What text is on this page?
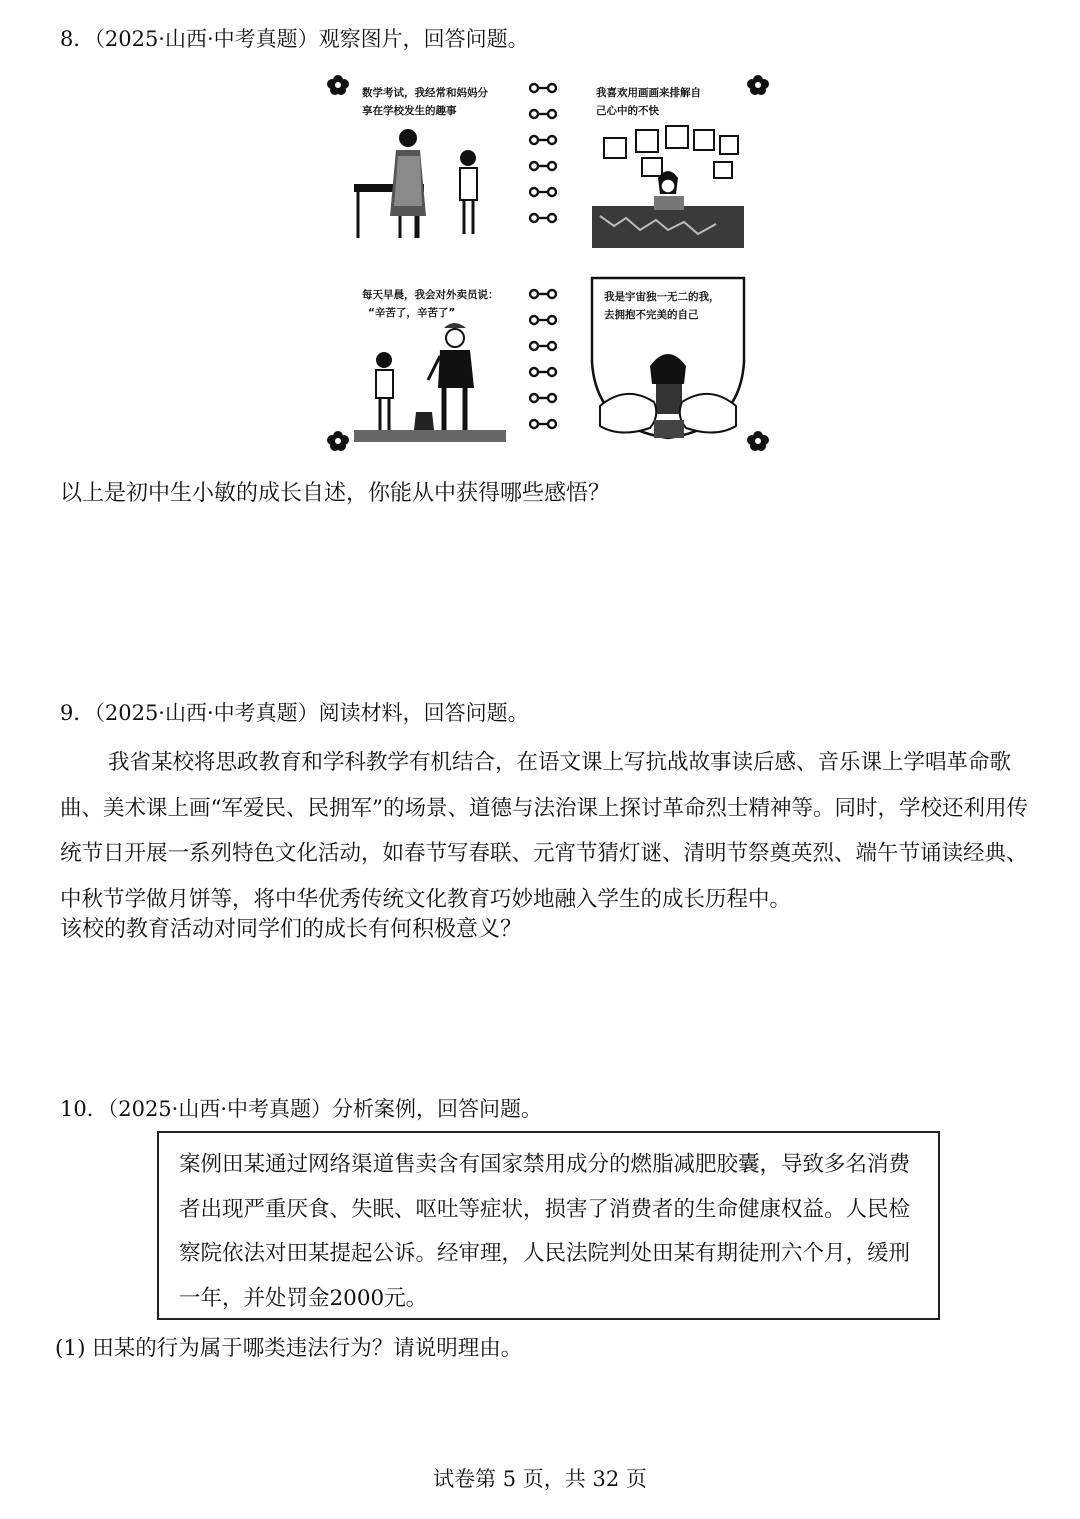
8．（2025·山西·中考真题）观察图片，回答问题。
数学考试，我经常和妈妈分
享在学校发生的趣事
我喜欢用画画来排解自
己心中的不快
每天早晨，我会对外卖员说：
“辛苦了，辛苦了”
我是宇宙独一无二的我，
去拥抱不完美的自己
以上是初中生小敏的成长自述，你能从中获得哪些感悟？
9．（2025·山西·中考真题）阅读材料，回答问题。
我省某校将思政教育和学科教学有机结合，在语文课上写抗战故事读后感、音乐课上学唱革命歌曲、美术课上画“军爱民、民拥军”的场景、道德与法治课上探讨革命烈士精神等。同时，学校还利用传统节日开展一系列特色文化活动，如春节写春联、元宵节猜灯谜、清明节祭奠英烈、端午节诵读经典、中秋节学做月饼等，将中华优秀传统文化教育巧妙地融入学生的成长历程中。
该校的教育活动对同学们的成长有何积极意义？
10．（2025·山西·中考真题）分析案例，回答问题。
案例田某通过网络渠道售卖含有国家禁用成分的燃脂减肥胶囊，导致多名消费者出现严重厌食、失眠、呕吐等症状，损害了消费者的生命健康权益。人民检察院依法对田某提起公诉。经审理，人民法院判处田某有期徒刑六个月，缓刑一年，并处罚金2000元。
(1) 田某的行为属于哪类违法行为？请说明理由。
试卷第 5 页，共 32 页
